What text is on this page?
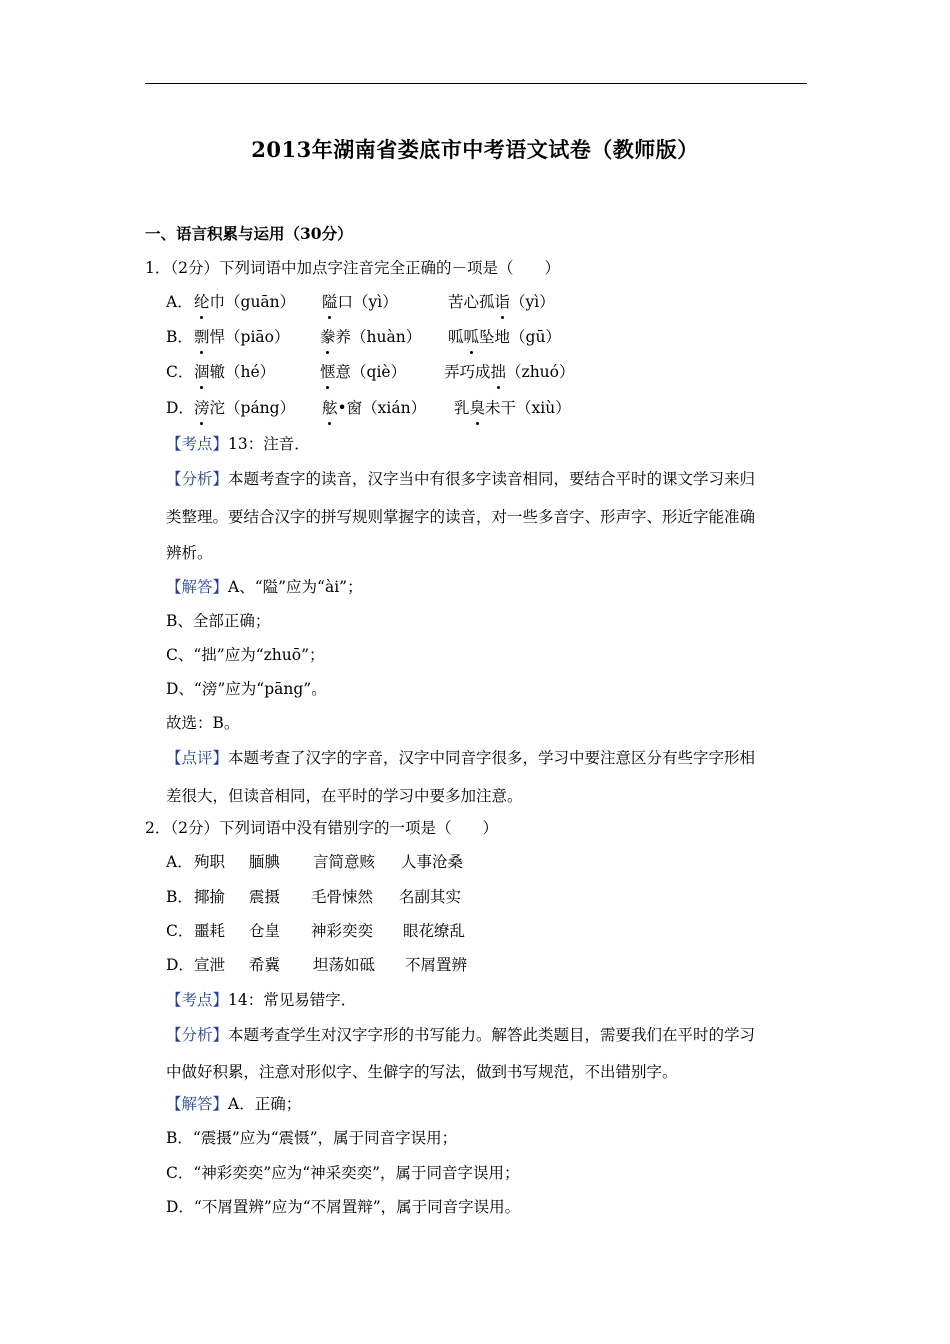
2013年湖南省娄底市中考语文试卷（教师版）
一、语言积累与运用（30分）
1．（2分）下列词语中加点字注音完全正确的－项是（　　）
A．纶巾（guān） 隘口（yì）	苦心孤诣（yì）
B．剽悍（piāo） 豢养（huàn） 呱呱坠地（gū）
C．涸辙（hé）	惬意（qiè） 弄巧成拙（zhuó）
D．滂沱（páng） 舷•窗（xián） 乳臭未干（xiù）
【考点】13：注音．
【分析】本题考查字的读音，汉字当中有很多字读音相同，要结合平时的课文学习来归
类整理。要结合汉字的拼写规则掌握字的读音，对一些多音字、形声字、形近字能准确
辨析。
【解答】A、“隘”应为“ài”；
B、全部正确；
C、“拙”应为“zhuō”；
D、“滂”应为“pāng”。
故选：B。
【点评】本题考查了汉字的字音，汉字中同音字很多，学习中要注意区分有些字字形相
差很大，但读音相同，在平时的学习中要多加注意。
2．（2分）下列词语中没有错别字的一项是（　　）
A．殉职 腼腆 言简意赅 人事沧桑
B．揶揄 震摄 毛骨悚然 名副其实
C．噩耗 仓皇 神彩奕奕 眼花缭乱
D．宣泄 希冀 坦荡如砥 不屑置辨
【考点】14：常见易错字．
【分析】本题考查学生对汉字字形的书写能力。解答此类题目，需要我们在平时的学习
中做好积累，注意对形似字、生僻字的写法，做到书写规范，不出错别字。
【解答】A．正确；
B．“震摄”应为“震慑”，属于同音字误用；
C．“神彩奕奕”应为“神采奕奕”，属于同音字误用；
D．“不屑置辨”应为“不屑置辩”，属于同音字误用。
